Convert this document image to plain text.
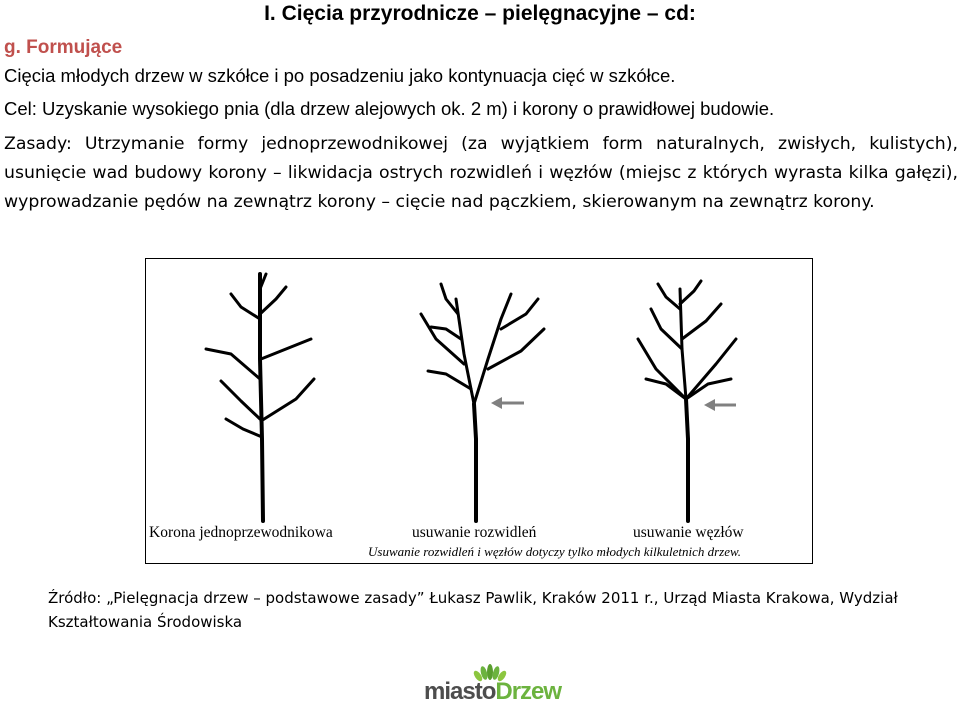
I. Cięcia przyrodnicze – pielęgnacyjne – cd:
g. Formujące
Cięcia młodych drzew w szkółce i po posadzeniu jako kontynuacja cięć w szkółce.
Cel: Uzyskanie wysokiego pnia (dla drzew alejowych ok. 2 m) i korony o prawidłowej budowie.
Zasady: Utrzymanie formy jednoprzewodnikowej (za wyjątkiem form naturalnych, zwisłych, kulistych), usunięcie wad budowy korony – likwidacja ostrych rozwidleń i węzłów (miejsc z których wyrasta kilka gałęzi), wyprowadzanie pędów na zewnątrz korony – cięcie nad pączkiem, skierowanym na zewnątrz korony.
Korona jednoprzewodnikowa	usuwanie rozwidleń	usuwanie węzłów
Usuwanie rozwidleń i węzłów dotyczy tylko młodych kilkuletnich drzew.
Źródło: „Pielęgnacja drzew – podstawowe zasady” Łukasz Pawlik, Kraków 2011 r., Urząd Miasta Krakowa, Wydział Kształtowania Środowiska
miastoDrzew
